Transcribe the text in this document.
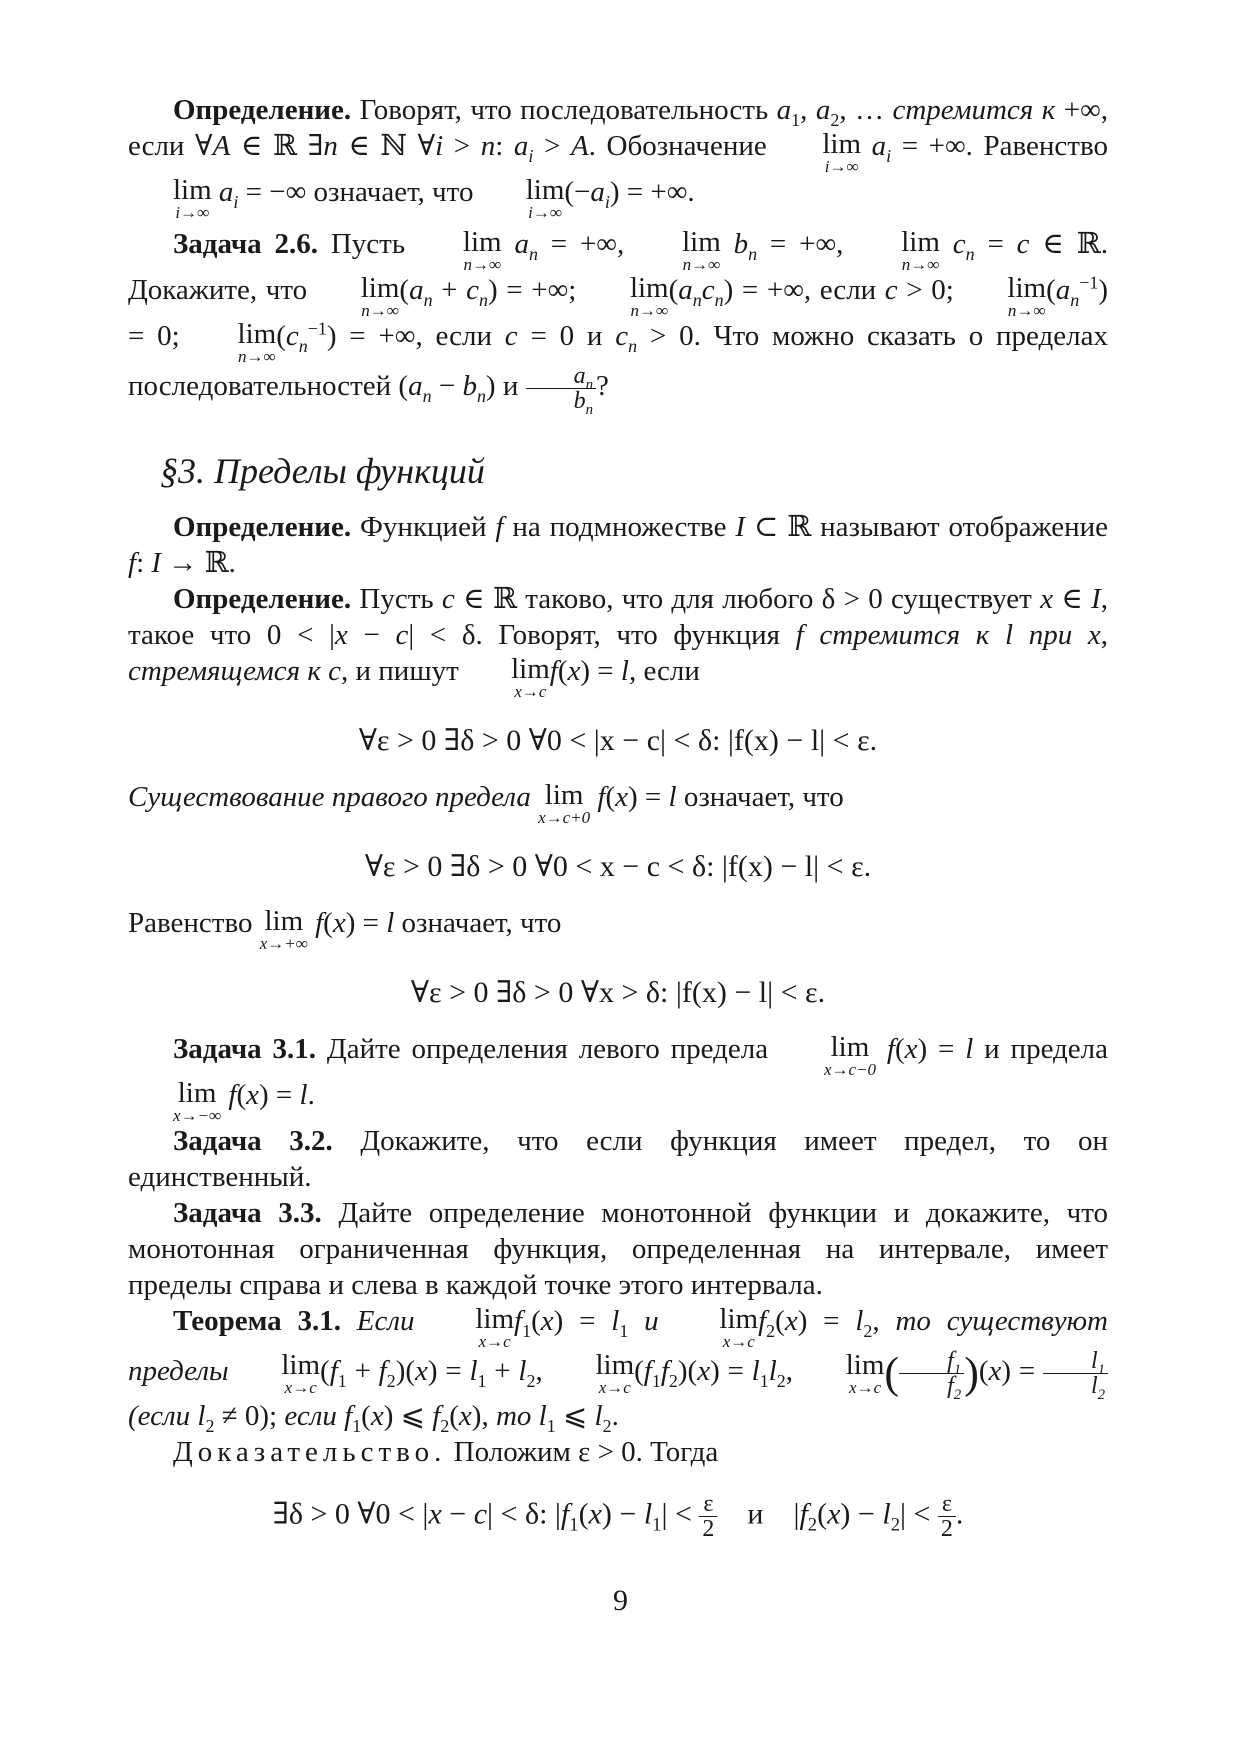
Определение. Говорят, что последовательность $a_1$, $a_2$, … стремится к +∞, если ∀A ∈ ℝ ∃n ∈ ℕ ∀i > n: $a_i > A$. Обозначение	lim
i→∞
$a_i$ = +∞. Равенство
lim
i→∞
$a_i$ = −∞ означает, что	lim
i→∞
$(-a_i)$ = +∞.

Задача 2.6. Пусть	lim
n→∞
$a_n$ = +∞,	lim
n→∞
$b_n$ = +∞,	lim
n→∞
$c_n = c$ ∈ ℝ. Докажите, что	lim
n→∞
$(a_n + c_n)$ = +∞;	lim
n→∞
$(a_nc_n)$ = +∞, если c > 0;	lim
n→∞
$(a_n^{-1}) = 0$;	lim
n→∞
$(c_n^{-1})$ = +∞, если c = 0 и $c_n > 0$. Что можно сказать о пределах последовательностей $(a_n - b_n)$ и $\frac{a_n}{b_n}$ ?

§3. Пределы функций

Определение. Функцией f на подмножестве I ⊂ ℝ называют отображение f: I → ℝ.

Определение. Пусть c ∈ ℝ таково, что для любого δ > 0 существует x ∈ I, такое что 0 < |x − c| < δ. Говорят, что функция f стремится к l при x, стремящемся к c, и пишут	lim
x→c
f(x) = l, если

∀ε > 0 ∃δ > 0 ∀0 < |x − c| < δ: |f(x) − l| < ε.

Существование правого предела lim
x→c+0
f(x) = l означает, что

∀ε > 0 ∃δ > 0 ∀0 < x − c < δ: |f(x) − l| < ε.

Равенство lim
x→+∞
f(x) = l означает, что

∀ε > 0 ∃δ > 0 ∀x > δ: |f(x) − l| < ε.

Задача 3.1. Дайте определения левого предела	lim
x→c−0
f(x) = l и предела
lim
x→−∞
f(x) = l.

Задача 3.2. Докажите, что если функция имеет предел, то он единственный.

Задача 3.3. Дайте определение монотонной функции и докажите, что монотонная ограниченная функция, определенная на интервале, имеет пределы справа и слева в каждой точке этого интервала.

Теорема 3.1. Если	lim
x→c
$f_1(x) = l_1$ и	lim
x→c
$f_2(x) = l_2$, то существуют пределы	lim
x→c
$(f_1 + f_2)(x) = l_1 + l_2$,	lim
x→c
$(f_1f_2)(x) = l_1l_2$,	lim
x→c ( $\frac{f_1}{f_2} )(x) = \frac{l_1}{l_2}$
(если $l_2 \ne 0$); если $f_1(x)$ ⩽ $f_2(x)$, то $l_1$ ⩽ $l_2$.

Доказательство. Положим ε > 0. Тогда

∃δ > 0 ∀0 < |x − c| < δ: $|f_1(x) - l_1| < \frac{\varepsilon}{2}$ и    $|f_2(x) - l_2| < \frac{\varepsilon}{2}$ .
9
